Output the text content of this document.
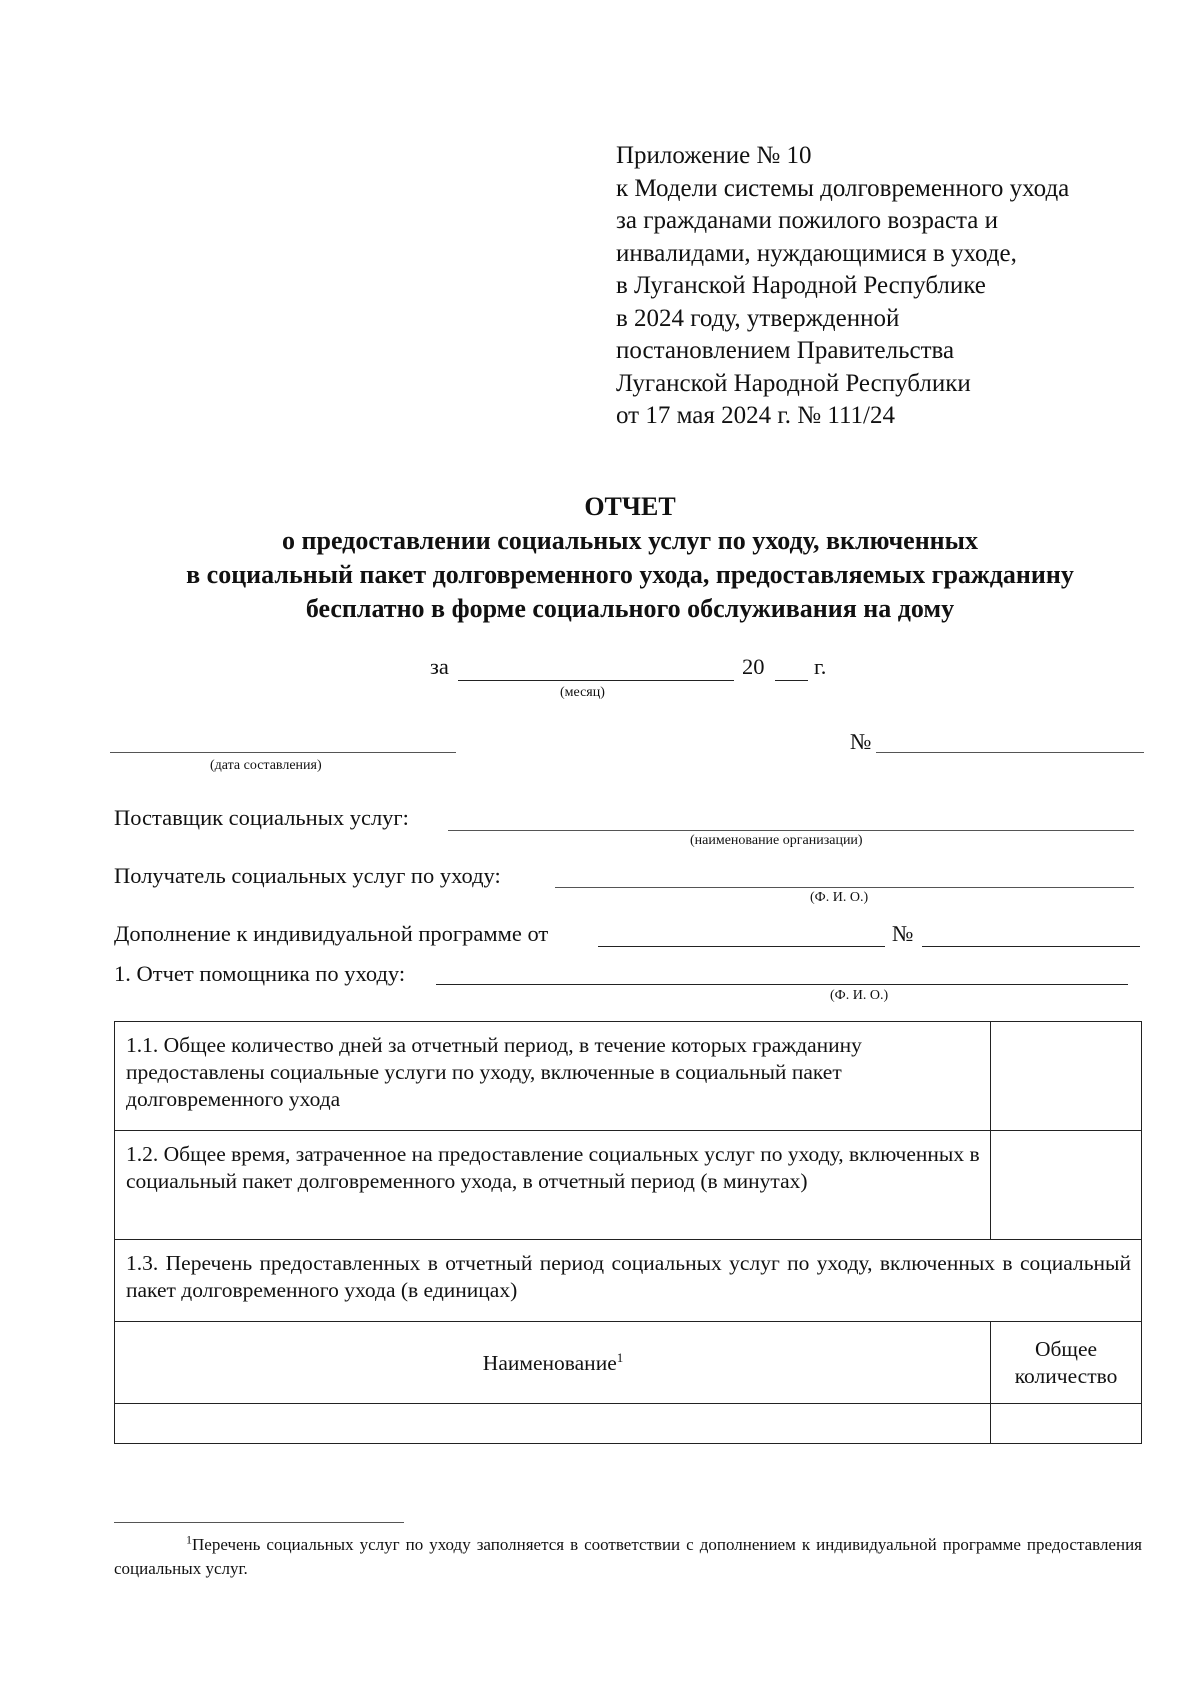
Приложение № 10
к Модели системы долговременного ухода
за гражданами пожилого возраста и
инвалидами, нуждающимися в уходе,
в Луганской Народной Республике
в 2024 году, утвержденной
постановлением Правительства
Луганской Народной Республики
от 17 мая 2024 г. № 111/24
ОТЧЕТ
о предоставлении социальных услуг по уходу, включенных
в социальный пакет долговременного ухода, предоставляемых гражданину
бесплатно в форме социального обслуживания на дому
за	20 г.
(месяц)
(дата составления)
№
Поставщик социальных услуг:
(наименование организации)
Получатель социальных услуг по уходу:
(Ф. И. О.)
Дополнение к индивидуальной программе от	№
1. Отчет помощника по уходу:
(Ф. И. О.)
1.1. Общее количество дней за отчетный период, в течение которых гражданину предоставлены социальные услуги по уходу, включенные в социальный пакет долговременного ухода	
1.2. Общее время, затраченное на предоставление социальных услуг по уходу, включенных в социальный пакет долговременного ухода, в отчетный период (в минутах)	
1.3. Перечень предоставленных в отчетный период социальных услуг по уходу, включенных в социальный пакет долговременного ухода (в единицах)	
Наименование$^1$	Общее количество

$^1$Перечень социальных услуг по уходу заполняется в соответствии с дополнением к индивидуальной программе предоставления социальных услуг.
